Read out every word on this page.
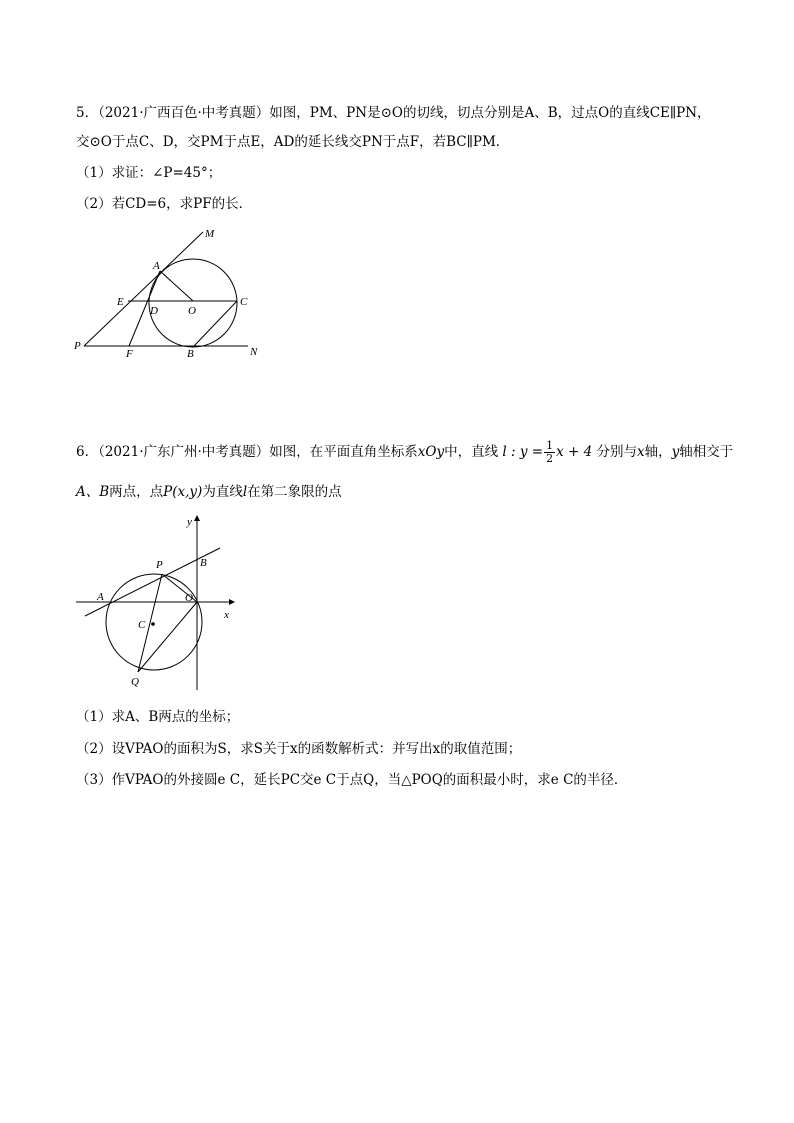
5．（2021·广西百色·中考真题）如图，PM、PN是⊙O的切线，切点分别是A、B，过点O的直线CE∥PN，
交⊙O于点C、D，交PM于点E，AD的延长线交PN于点F，若BC∥PM．
（1）求证：∠P=45°；
（2）若CD=6，求PF的长．
M
A
E
D	O
C
P
F	B	N
6．（2021·广东广州·中考真题）如图，在平面直角坐标系xOy中，直线 l : $y = \frac{1}{2}$ x + 4 分别与x轴，y轴相交于
A、B两点，点P(x,y)为直线l在第二象限的点
y
B
P
A	O
x
C
Q
（1）求A、B两点的坐标；
（2）设VPAO的面积为S，求S关于x的函数解析式：并写出x的取值范围；
（3）作VPAO的外接圆e C，延长PC交e C于点Q，当△POQ的面积最小时，求e C的半径．
